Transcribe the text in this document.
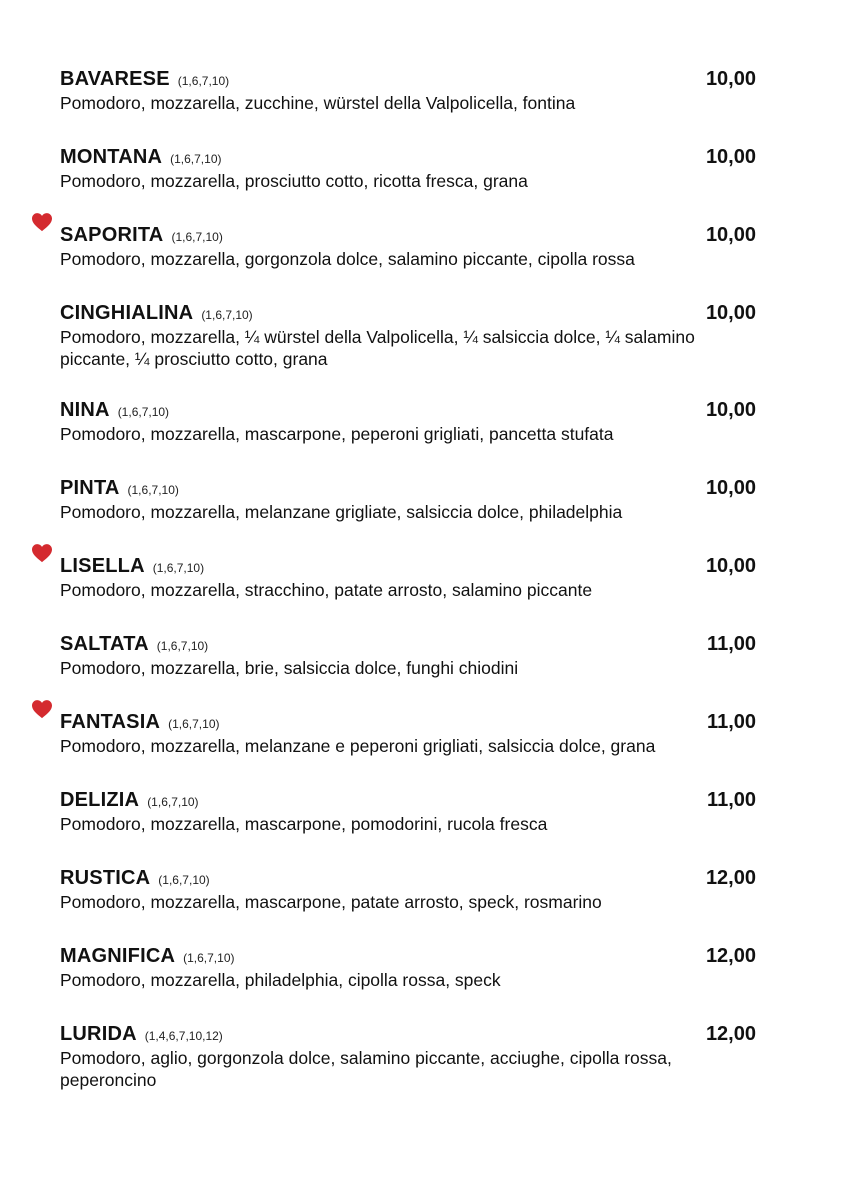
BAVARESE (1,6,7,10)	10,00

Pomodoro, mozzarella, zucchine, würstel della Valpolicella, fontina

MONTANA (1,6,7,10)	10,00

Pomodoro, mozzarella, prosciutto cotto, ricotta fresca, grana

SAPORITA (1,6,7,10)	10,00

Pomodoro, mozzarella, gorgonzola dolce, salamino piccante, cipolla rossa

CINGHIALINA (1,6,7,10)	10,00

Pomodoro, mozzarella, ¼ würstel della Valpolicella, ¼ salsiccia dolce, ¼ salamino

piccante, ¼ prosciutto cotto, grana

NINA (1,6,7,10)	10,00

Pomodoro, mozzarella, mascarpone, peperoni grigliati, pancetta stufata

PINTA (1,6,7,10)	10,00

Pomodoro, mozzarella, melanzane grigliate, salsiccia dolce, philadelphia

LISELLA (1,6,7,10)	10,00

Pomodoro, mozzarella, stracchino, patate arrosto, salamino piccante

SALTATA (1,6,7,10)	11,00

Pomodoro, mozzarella, brie, salsiccia dolce, funghi chiodini

FANTASIA (1,6,7,10)	11,00

Pomodoro, mozzarella, melanzane e peperoni grigliati, salsiccia dolce, grana

DELIZIA (1,6,7,10)	11,00

Pomodoro, mozzarella, mascarpone, pomodorini, rucola fresca

RUSTICA (1,6,7,10)	12,00

Pomodoro, mozzarella, mascarpone, patate arrosto, speck, rosmarino

MAGNIFICA (1,6,7,10)	12,00

Pomodoro, mozzarella, philadelphia, cipolla rossa, speck

LURIDA (1,4,6,7,10,12)	12,00

Pomodoro, aglio, gorgonzola dolce, salamino piccante, acciughe, cipolla rossa,

peperoncino
